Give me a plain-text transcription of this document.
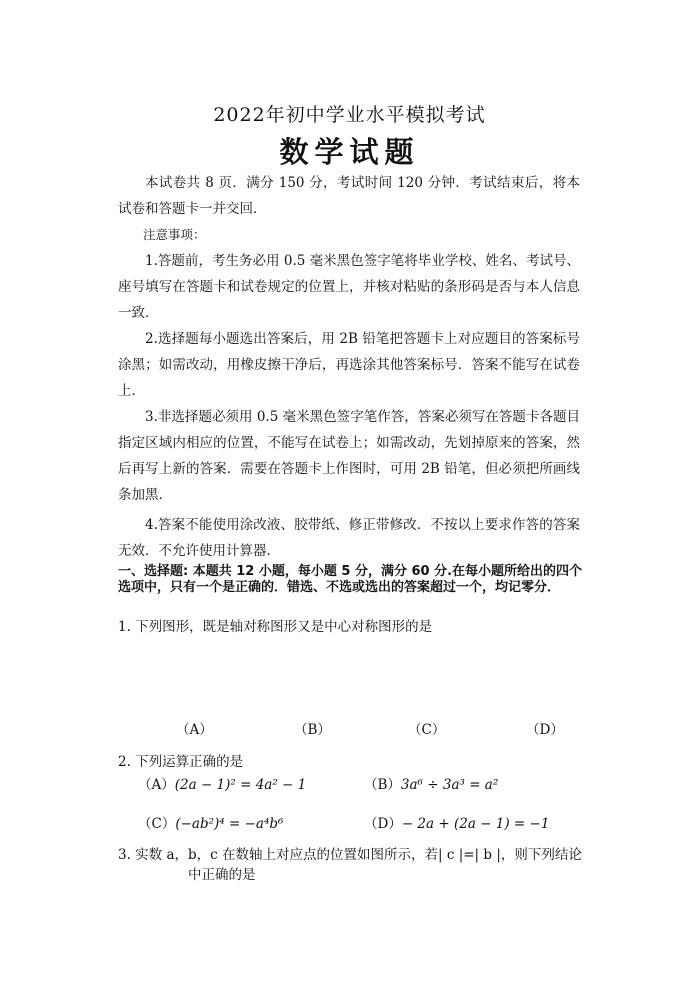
2022年初中学业水平模拟考试
数学试题
本试卷共 8 页．满分 150 分，考试时间 120 分钟．考试结束后，将本试卷和答题卡一并交回．
注意事项：
1.答题前，考生务必用 0.5 毫米黑色签字笔将毕业学校、姓名、考试号、座号填写在答题卡和试卷规定的位置上，并核对粘贴的条形码是否与本人信息一致．
2.选择题每小题选出答案后，用 2B 铅笔把答题卡上对应题目的答案标号涂黑；如需改动，用橡皮擦干净后，再选涂其他答案标号．答案不能写在试卷上．
3.非选择题必须用 0.5 毫米黑色签字笔作答，答案必须写在答题卡各题目指定区域内相应的位置，不能写在试卷上；如需改动，先划掉原来的答案，然后再写上新的答案．需要在答题卡上作图时，可用 2B 铅笔，但必须把所画线条加黑．
4.答案不能使用涂改液、胶带纸、修正带修改．不按以上要求作答的答案无效．不允许使用计算器．
一、选择题: 本题共 12 小题，每小题 5 分，满分 60 分.在每小题所给出的四个选项中，只有一个是正确的．错选、不选或选出的答案超过一个，均记零分．
1. 下列图形，既是轴对称图形又是中心对称图形的是
（A）	（B）	（C）	（D）
2. 下列运算正确的是
（A）(2a − 1)² = 4a² − 1	（B）3a⁶ ÷ 3a³ = a²
（C）(−ab²)⁴ = −a⁴b⁶	（D）− 2a + (2a − 1) = −1
3. 实数 a，b，c 在数轴上对应点的位置如图所示，若| c |=| b |，则下列结论
中正确的是
